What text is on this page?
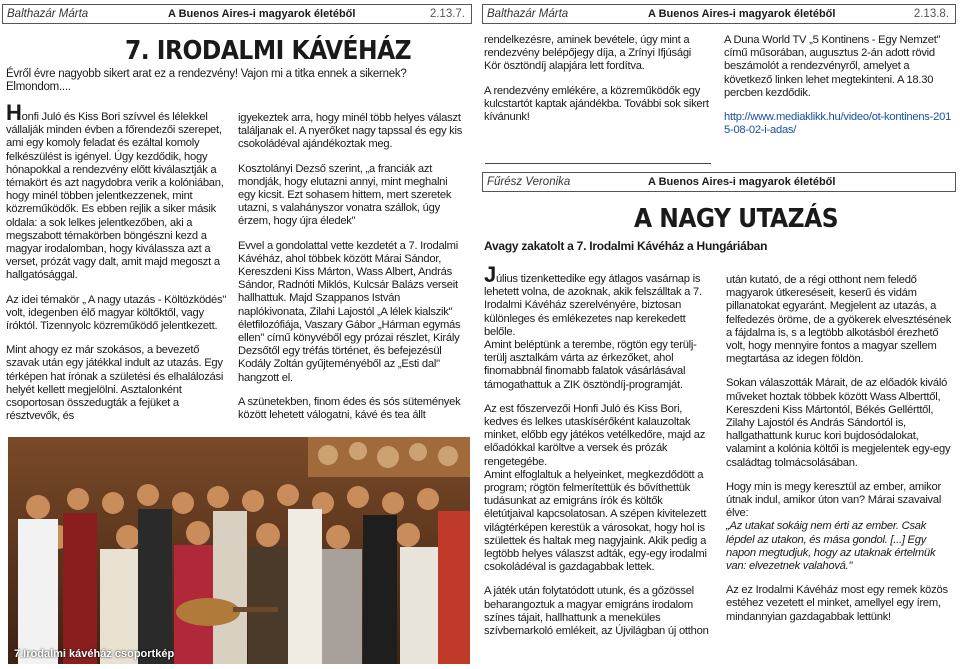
Balthazár Márta	A Buenos Aires-i magyarok életéből	2.13.7.
7. IRODALMI KÁVÉHÁZ
Évről évre nagyobb sikert arat ez a rendezvény! Vajon mi a titka ennek a sikernek? Elmondom....

Honfi Juló és Kiss Bori szívvel és lélekkel vállalják minden évben a főrendezői szerepet, ami egy komoly feladat és ezáltal komoly felkészülést is igényel. Úgy kezdődik, hogy hónapokkal a rendezvény előtt kiválasztják a témakört és azt nagydobra verik a kolóniában, hogy minél többen jelentkezzenek, mint közreműködők. Es ebben rejlik a siker másik oldala: a sok lelkes jelentkezőben, aki a megszabott témakörben böngészni kezd a magyar irodalomban, hogy kiválassza azt a verset, prózát vagy dalt, amit majd megoszt a hallgatósággal.

Az idei témakör „ A nagy utazás - Költözködés" volt, idegenben élő magyar költőktől, vagy íróktól. Tizennyolc közreműködő jelentkezett.

Mint ahogy ez már szokásos, a bevezető szavak után egy játékkal indult az utazás. Egy térképen hat írónak a születési és elhalálozási helyét kellett megjelölni. Asztalonként csoportosan összedugták a fejüket a résztvevők, és

igyekeztek arra, hogy minél több helyes választ találjanak el. A nyerőket nagy tapssal és egy kis csokoládéval ajándékoztak meg.

Kosztolányi Dezső szerint, „a franciák azt mondják, hogy elutazni annyi, mint meghalni egy kicsit. Ezt sohasem hittem, mert szeretek utazni, s valahányszor vonatra szállok, úgy érzem, hogy újra éledek"

Evvel a gondolattal vette kezdetét a 7. Irodalmi Kávéház, ahol többek között Márai Sándor, Kereszdeni Kiss Márton, Wass Albert, András Sándor, Radnóti Miklós, Kulcsár Balázs verseit hallhattuk. Majd Szappanos István naplókivonata, Zilahi Lajostól „A lélek kialszik" életfilozófiája, Vaszary Gábor „Hárman egymás ellen" című könyvéből egy prózai részlet, Király Dezsőtől egy tréfás történet, és befejezésül Kodály Zoltán gyűjteményéből az „Esti dal" hangzott el.

A szünetekben, finom édes és sós sütemények között lehetett válogatni, kávé és tea állt

7.Irodalmi kávéház csoportkép
Balthazár Márta	A Buenos Aires-i magyarok életéből	2.13.8.

rendelkezésre, aminek bevétele, úgy mint a rendezvény belépőjegy díja, a Zrínyi Ifjúsági Kör ösztöndíj alapjára lett fordítva.

A rendezvény emlékére, a közreműködők egy kulcstartót kaptak ajándékba. További sok sikert kívánunk!

A Duna World TV „5 Kontinens - Egy Nemzet" című műsorában, augusztus 2-án adott rövid beszámolót a rendezvényről, amelyet a következő linken lehet megtekinteni. A 18.30 percben kezdődik.

http://www.mediaklikk.hu/video/ot-kontinens-2015-08-02-i-adas/

Fűrész Veronika	A Buenos Aires-i magyarok életéből
A NAGY UTAZÁS
Avagy zakatolt a 7. Irodalmi Kávéház a Hungáriában

Július tizenkettedike egy átlagos vasárnap is lehetett volna, de azoknak, akik felszálltak a 7. Irodalmi Kávéház szerelvényére, biztosan különleges és emlékezetes nap kerekedett belőle.

Amint beléptünk a terembe, rögtön egy terülj-terülj asztalkám várta az érkezőket, ahol finomabbnál finomabb falatok vásárlásával támogathattuk a ZIK ösztöndíj-programját.

Az est főszervezői Honfi Juló és Kiss Bori, kedves és lelkes utaskísérőként kalauzoltak minket, előbb egy játékos vetélkedőre, majd az előadókkal karöltve a versek és prózák rengetegébe.

Amint elfoglaltuk a helyeinket, megkezdődött a program; rögtön felmerítettük és bővíthettük tudásunkat az emigráns írók és költők életútjaival kapcsolatosan. A szépen kivitelezett világtérképen kerestük a városokat, hogy hol is születtek és haltak meg nagyjaink. Akik pedig a legtöbb helyes válaszst adták, egy-egy irodalmi csokoládéval is gazdagabbak lettek.

A játék után folytatódott utunk, és a gőzössel beharangoztuk a magyar emigráns irodalom színes tájait, hallhattunk a meneküles szívbemarkoló emlékeit, az Újvilágban új otthon

után kutató, de a régi otthont nem feledő magyarok útkereséseit, keserű és vidám pillanatokat egyaránt. Megjelent az utazás, a felfedezés öröme, de a gyökerek elvesztésének a fájdalma is, s a legtöbb alkotásból érezhető volt, hogy mennyire fontos a magyar szellem megtartása az idegen földön.

Sokan válaszották Márait, de az előadók kiváló műveket hoztak többek között Wass Alberttől, Kereszdeni Kiss Mártontól, Békés Gellérttől, Zilahy Lajostól és András Sándortól is, hallgathattunk kuruc kori bujdosódalokat, valamint a kolónia költői is megjelentek egy-egy családtag tolmácsolásában.

Hogy min is megy keresztül az ember, amikor útnak indul, amikor úton van? Márai szavaival élve:

„Az utakat sokáig nem érti az ember. Csak lépdel az utakon, és mása gondol. [...] Egy napon megtudjuk, hogy az utaknak értelmük van: elvezetnek valahová."

Az ez Irodalmi Kávéház most egy remek közös estéhez vezetett el minket, amellyel egy írem, mindannyian gazdagabbak lettünk!
